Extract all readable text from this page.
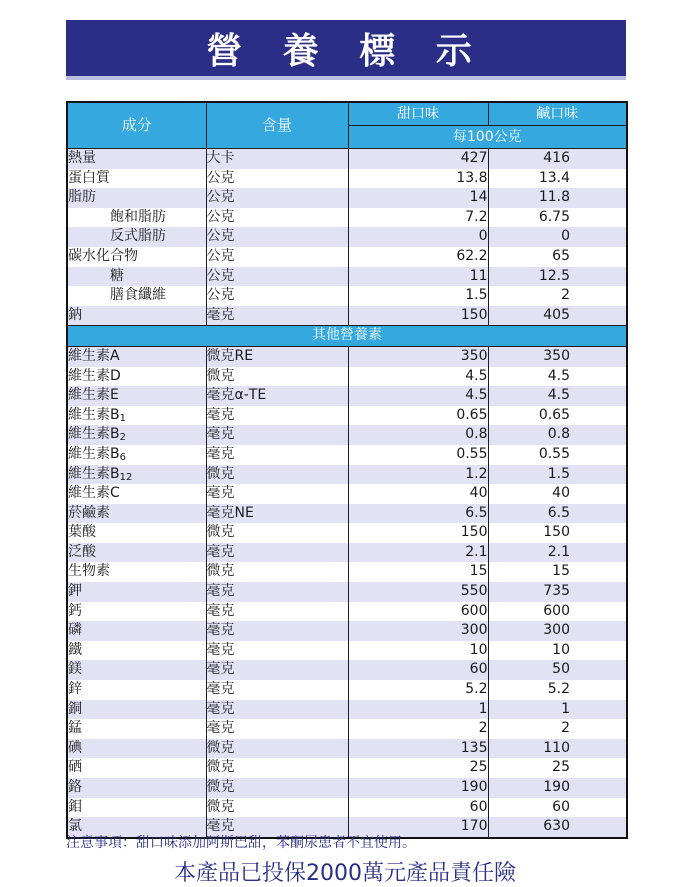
營 養 標 示
成分	含量	甜口味	鹹口味
		每100公克	
熱量	大卡	427	416
蛋白質	公克	13.8	13.4
脂肪	公克	14	11.8
飽和脂肪	公克	7.2	6.75
反式脂肪	公克	0	0
碳水化合物	公克	62.2	65
糖	公克	11	12.5
膳食纖維	公克	1.5	2
鈉	毫克	150	405
其他營養素			
維生素A	微克RE	350	350
維生素D	微克	4.5	4.5
維生素E	毫克α-TE	4.5	4.5
維生素$B_1$	毫克	0.65	0.65
維生素$B_2$	毫克	0.8	0.8
維生素$B_6$	毫克	0.55	0.55
維生素$B_{12}$	微克	1.2	1.5
維生素C	毫克	40	40
菸鹼素	毫克NE	6.5	6.5
葉酸	微克	150	150
泛酸	毫克	2.1	2.1
生物素	微克	15	15
鉀	毫克	550	735
鈣	毫克	600	600
磷	毫克	300	300
鐵	毫克	10	10
鎂	毫克	60	50
鋅	毫克	5.2	5.2
銅	毫克	1	1
錳	毫克	2	2
碘	微克	135	110
硒	微克	25	25
鉻	微克	190	190
鉬	微克	60	60
氯	毫克	170	630
注意事項：甜口味添加阿斯巴甜，苯酮尿患者不宜使用。
本產品已投保2000萬元產品責任險
